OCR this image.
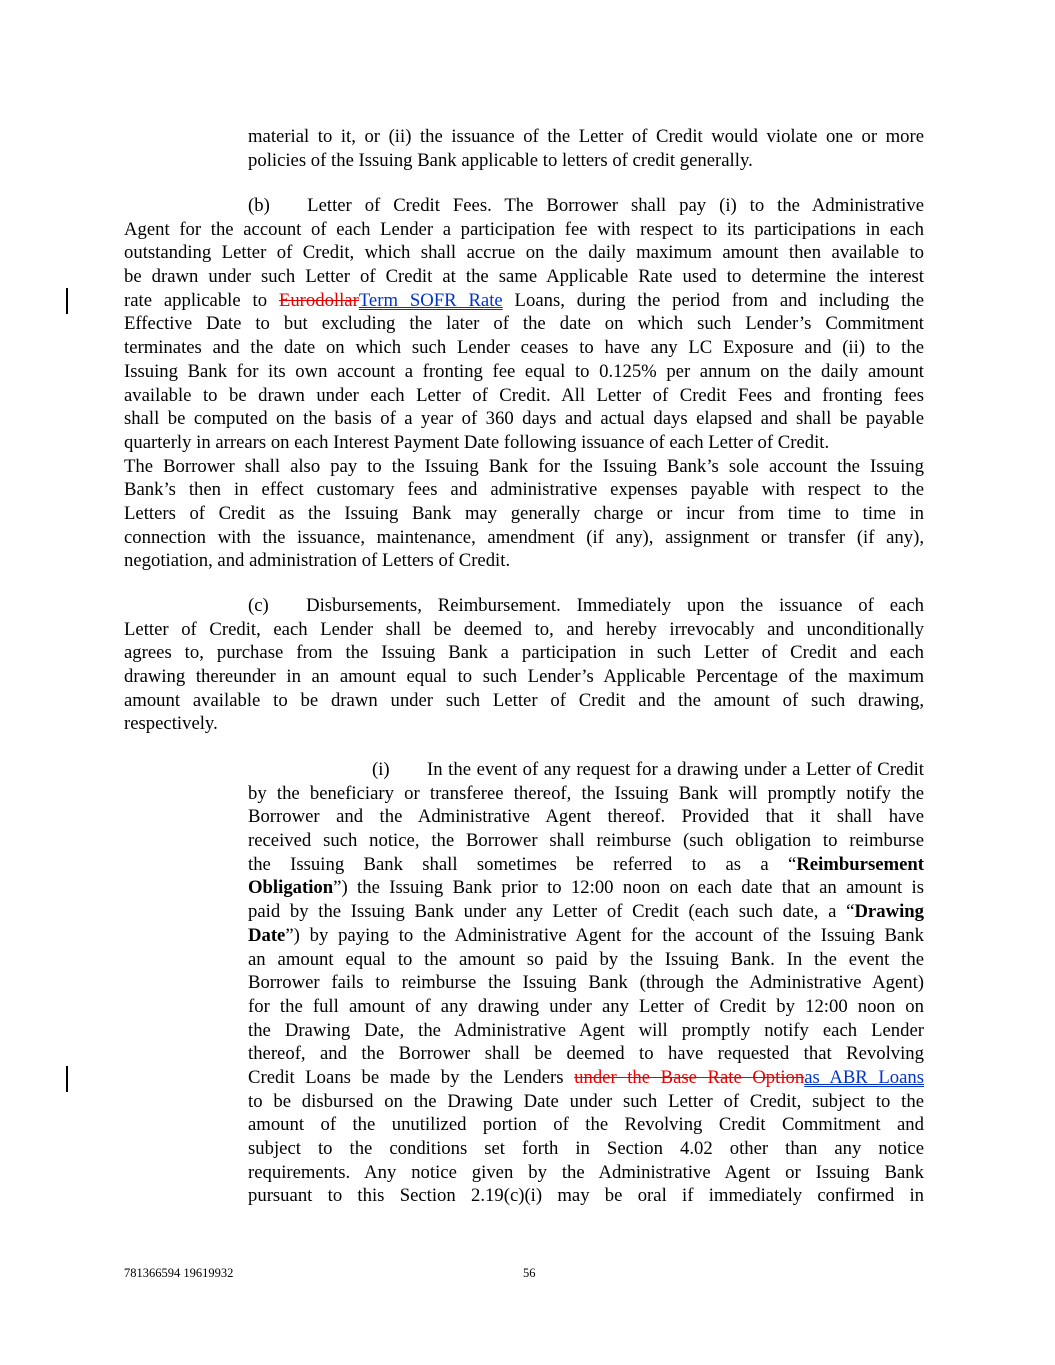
material to it, or (ii) the issuance of the Letter of Credit would violate one or more
policies of the Issuing Bank applicable to letters of credit generally.
(b)  Letter of Credit Fees. The Borrower shall pay (i) to the Administrative
Agent for the account of each Lender a participation fee with respect to its participations in each
outstanding Letter of Credit, which shall accrue on the daily maximum amount then available to
be drawn under such Letter of Credit at the same Applicable Rate used to determine the interest
rate applicable to EurodollarTerm SOFR Rate Loans, during the period from and including the
Effective Date to but excluding the later of the date on which such Lender’s Commitment
terminates and the date on which such Lender ceases to have any LC Exposure and (ii) to the
Issuing Bank for its own account a fronting fee equal to 0.125% per annum on the daily amount
available to be drawn under each Letter of Credit. All Letter of Credit Fees and fronting fees
shall be computed on the basis of a year of 360 days and actual days elapsed and shall be payable
quarterly in arrears on each Interest Payment Date following issuance of each Letter of Credit.
The Borrower shall also pay to the Issuing Bank for the Issuing Bank’s sole account the Issuing
Bank’s then in effect customary fees and administrative expenses payable with respect to the
Letters of Credit as the Issuing Bank may generally charge or incur from time to time in
connection with the issuance, maintenance, amendment (if any), assignment or transfer (if any),
negotiation, and administration of Letters of Credit.
(c)  Disbursements, Reimbursement. Immediately upon the issuance of each
Letter of Credit, each Lender shall be deemed to, and hereby irrevocably and unconditionally
agrees to, purchase from the Issuing Bank a participation in such Letter of Credit and each
drawing thereunder in an amount equal to such Lender’s Applicable Percentage of the maximum
amount available to be drawn under such Letter of Credit and the amount of such drawing,
respectively.
(i)  In the event of any request for a drawing under a Letter of Credit
by the beneficiary or transferee thereof, the Issuing Bank will promptly notify the
Borrower and the Administrative Agent thereof. Provided that it shall have
received such notice, the Borrower shall reimburse (such obligation to reimburse
the Issuing Bank shall sometimes be referred to as a “Reimbursement
Obligation”) the Issuing Bank prior to 12:00 noon on each date that an amount is
paid by the Issuing Bank under any Letter of Credit (each such date, a “Drawing
Date”) by paying to the Administrative Agent for the account of the Issuing Bank
an amount equal to the amount so paid by the Issuing Bank. In the event the
Borrower fails to reimburse the Issuing Bank (through the Administrative Agent)
for the full amount of any drawing under any Letter of Credit by 12:00 noon on
the Drawing Date, the Administrative Agent will promptly notify each Lender
thereof, and the Borrower shall be deemed to have requested that Revolving
Credit Loans be made by the Lenders under the Base Rate Optionas ABR Loans
to be disbursed on the Drawing Date under such Letter of Credit, subject to the
amount of the unutilized portion of the Revolving Credit Commitment and
subject to the conditions set forth in Section 4.02 other than any notice
requirements. Any notice given by the Administrative Agent or Issuing Bank
pursuant to this Section 2.19(c)(i) may be oral if immediately confirmed in
781366594 19619932	56
